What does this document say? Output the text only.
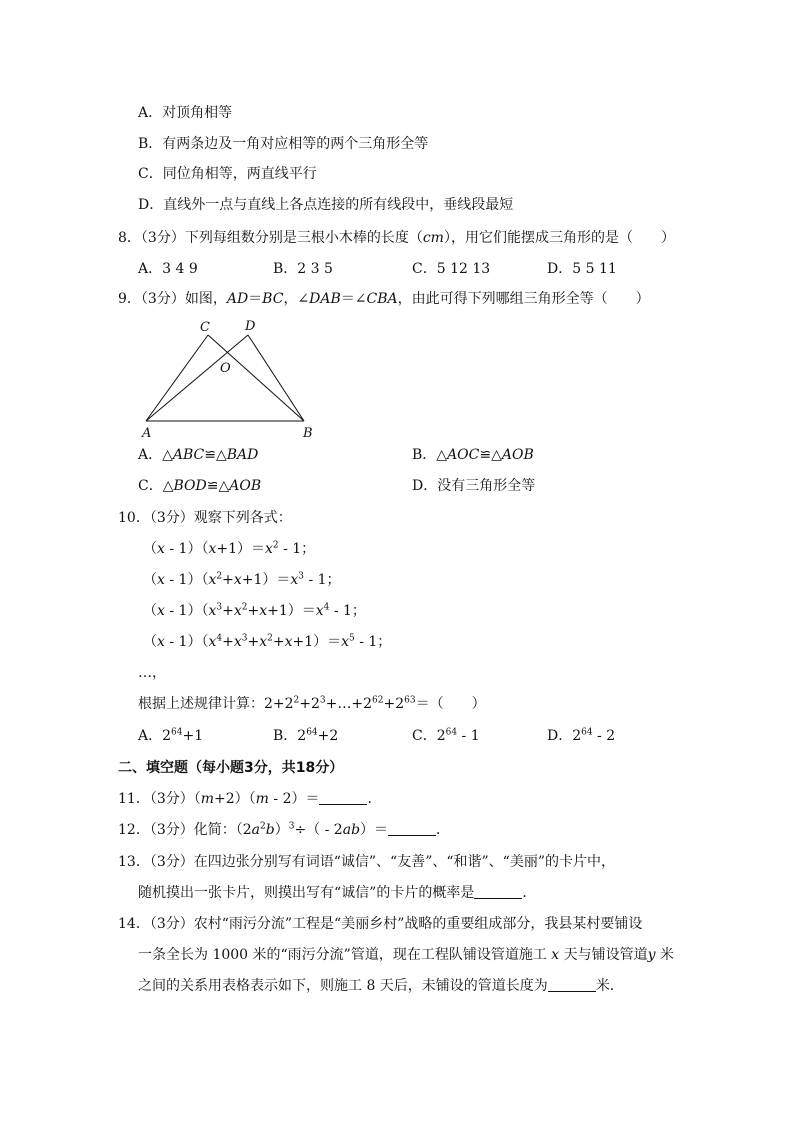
A．对顶角相等
B．有两条边及一角对应相等的两个三角形全等
C．同位角相等，两直线平行
D．直线外一点与直线上各点连接的所有线段中，垂线段最短
8．（3分）下列每组数分别是三根小木棒的长度（cm），用它们能摆成三角形的是（　　）
A．3 4 9	B．2 3 5	C．5 12 13	D．5 5 11
9．（3分）如图，AD＝BC，∠DAB＝∠CBA，由此可得下列哪组三角形全等（　　）
A	B
C	D
O
A．△ABC≌△BAD	B．△AOC≌△AOB
C．△BOD≌△AOB	D．没有三角形全等
10．（3分）观察下列各式：
$(x - 1)(x+1)=x^2 - 1$；
$(x - 1)(x^2+x+1)=x^3 - 1$；
$(x - 1)(x^3+x^2+x+1)=x^4 - 1$；
$(x - 1)(x^4+x^3+x^2+x+1)=x^5 - 1$；
…，
根据上述规律计算：$2+2^2+2^3+\dots+2^{62}+2^{63}=$（　　）
A．$2^{64}+1$	B．$2^{64}+2$	C．$2^{64} - 1$	D．$2^{64} - 2$
二、填空题（每小题3分，共18分）
11．（3分）（m+2）（m - 2）＝	．
12．（3分）化简：$(2a^2b)^3\div( - 2ab)=$	．
13．（3分）在四边张分别写有词语“诚信”、“友善”、“和谐”、“美丽”的卡片中，
随机摸出一张卡片，则摸出写有“诚信”的卡片的概率是	．
14．（3分）农村“雨污分流”工程是“美丽乡村”战略的重要组成部分，我县某村要铺设
一条全长为 1000 米的“雨污分流”管道，现在工程队铺设管道施工 x 天与铺设管道y 米
之间的关系用表格表示如下，则施工 8 天后，未铺设的管道长度为	米．
